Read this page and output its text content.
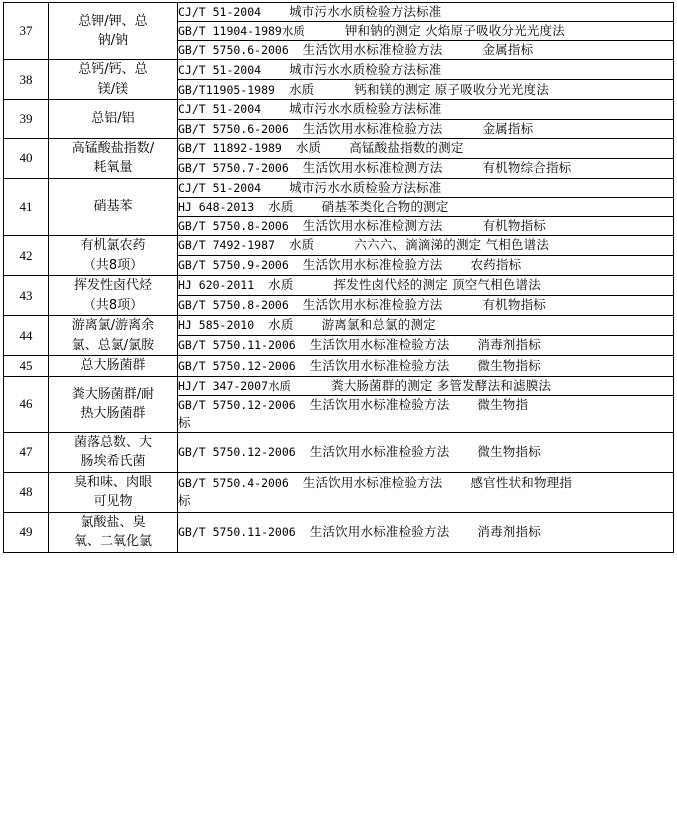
37	总钾/钾、总
钠/钠	CJ/T 51-2004 城市污水水质检验方法标准
		GB/T 11904-1989水质 钾和钠的测定 火焰原子吸收分光光度法
		GB/T 5750.6-2006 生活饮用水标准检验方法 金属指标
38	总钙/钙、总
镁/镁	CJ/T 51-2004 城市污水水质检验方法标准
		GB/T11905-1989 水质 钙和镁的测定 原子吸收分光光度法
39	总铝/铝	CJ/T 51-2004 城市污水水质检验方法标准
		GB/T 5750.6-2006 生活饮用水标准检验方法 金属指标
40	高锰酸盐指数/
耗氧量	GB/T 11892-1989 水质 高锰酸盐指数的测定
		GB/T 5750.7-2006 生活饮用水标准检测方法 有机物综合指标
41	硝基苯	CJ/T 51-2004 城市污水水质检验方法标准
		HJ 648-2013 水质 硝基苯类化合物的测定
		GB/T 5750.8-2006 生活饮用水标准检测方法 有机物指标
42	有机氯农药
（共8项）	GB/T 7492-1987 水质 六六六、滴滴涕的测定 气相色谱法
		GB/T 5750.9-2006 生活饮用水标准检验方法 农药指标
43	挥发性卤代烃
（共8项）	HJ 620-2011 水质 挥发性卤代烃的测定 顶空气相色谱法
		GB/T 5750.8-2006 生活饮用水标准检验方法 有机物指标
44	游离氯/游离余
氯、总氯/氯胺	HJ 585-2010 水质 游离氯和总氯的测定
		GB/T 5750.11-2006 生活饮用水标准检验方法 消毒剂指标
45	总大肠菌群	GB/T 5750.12-2006 生活饮用水标准检验方法 微生物指标
46	粪大肠菌群/耐
热大肠菌群	HJ/T 347-2007水质 粪大肠菌群的测定 多管发酵法和滤膜法
		GB/T 5750.12-2006 生活饮用水标准检验方法 微生物指
标
47	菌落总数、大
肠埃希氏菌	GB/T 5750.12-2006 生活饮用水标准检验方法 微生物指标
48	臭和味、肉眼
可见物	GB/T 5750.4-2006 生活饮用水标准检验方法 感官性状和物理指
标
49	氯酸盐、臭
氧、二氧化氯	GB/T 5750.11-2006 生活饮用水标准检验方法 消毒剂指标
